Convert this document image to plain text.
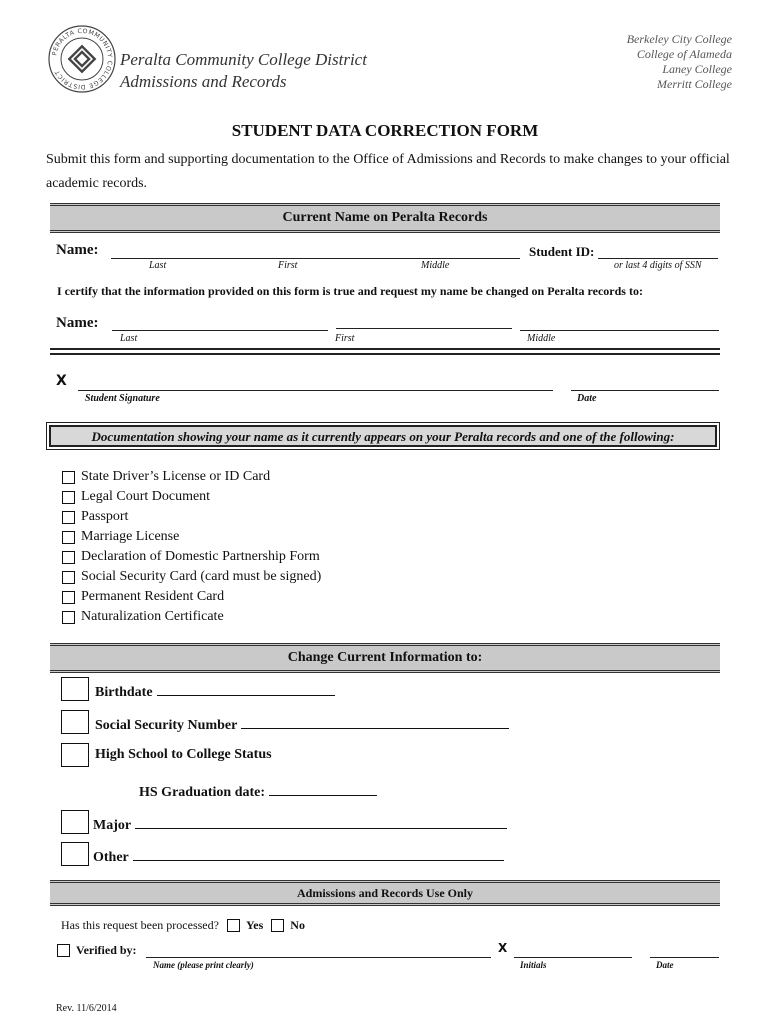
PERALTA COMMUNITY COLLEGE DISTRICT
Peralta Community College District
Admissions and Records
Berkeley City College
College of Alameda
Laney College
Merritt College
STUDENT DATA CORRECTION FORM
Submit this form and supporting documentation to the Office of Admissions and Records to make changes to your official academic records.
Current Name on Peralta Records
Name:
Last	First	Middle
Student ID:
or last 4 digits of SSN
I certify that the information provided on this form is true and request my name be changed on Peralta records to:
Name:
Last	First	Middle
X
Student Signature	Date
Documentation showing your name as it currently appears on your Peralta records and one of the following:
State Driver’s License or ID Card
Legal Court Document
Passport
Marriage License
Declaration of Domestic Partnership Form
Social Security Card (card must be signed)
Permanent Resident Card
Naturalization Certificate
Change Current Information to:
Birthdate
Social Security Number
High School to College Status
HS Graduation date:
Major
Other
Admissions and Records Use Only
Has this request been processed? Yes No
Verified by:	X
Name (please print clearly)	Initials	Date
Rev. 11/6/2014
